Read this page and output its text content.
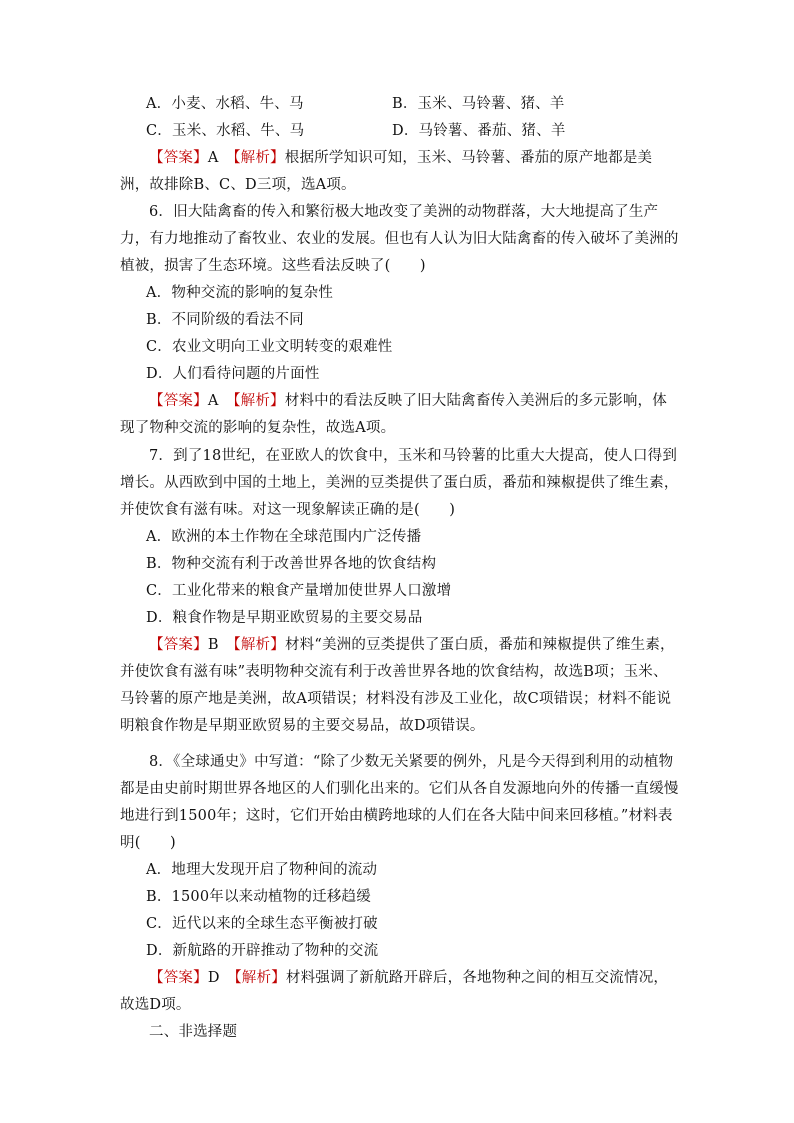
A．小麦、水稻、牛、马	B．玉米、马铃薯、猪、羊
C．玉米、水稻、牛、马	D．马铃薯、番茄、猪、羊

【答案】A　【解析】根据所学知识可知，玉米、马铃薯、番茄的原产地都是美洲，故排除B、C、D三项，选A项。

6．旧大陆禽畜的传入和繁衍极大地改变了美洲的动物群落，大大地提高了生产力，有力地推动了畜牧业、农业的发展。但也有人认为旧大陆禽畜的传入破坏了美洲的植被，损害了生态环境。这些看法反映了(　　)

A．物种交流的影响的复杂性

B．不同阶级的看法不同

C．农业文明向工业文明转变的艰难性

D．人们看待问题的片面性

【答案】A　【解析】材料中的看法反映了旧大陆禽畜传入美洲后的多元影响，体现了物种交流的影响的复杂性，故选A项。

7．到了18世纪，在亚欧人的饮食中，玉米和马铃薯的比重大大提高，使人口得到增长。从西欧到中国的土地上，美洲的豆类提供了蛋白质，番茄和辣椒提供了维生素，并使饮食有滋有味。对这一现象解读正确的是(　　)

A．欧洲的本土作物在全球范围内广泛传播

B．物种交流有利于改善世界各地的饮食结构

C．工业化带来的粮食产量增加使世界人口激增

D．粮食作物是早期亚欧贸易的主要交易品

【答案】B　【解析】材料“美洲的豆类提供了蛋白质，番茄和辣椒提供了维生素，并使饮食有滋有味”表明物种交流有利于改善世界各地的饮食结构，故选B项；玉米、马铃薯的原产地是美洲，故A项错误；材料没有涉及工业化，故C项错误；材料不能说明粮食作物是早期亚欧贸易的主要交易品，故D项错误。

8．《全球通史》中写道：“除了少数无关紧要的例外，凡是今天得到利用的动植物都是由史前时期世界各地区的人们驯化出来的。它们从各自发源地向外的传播一直缓慢地进行到1500年；这时，它们开始由横跨地球的人们在各大陆中间来回移植。”材料表明(　　)

A．地理大发现开启了物种间的流动

B．1500年以来动植物的迁移趋缓

C．近代以来的全球生态平衡被打破

D．新航路的开辟推动了物种的交流

【答案】D　【解析】材料强调了新航路开辟后，各地物种之间的相互交流情况，故选D项。

二、非选择题
